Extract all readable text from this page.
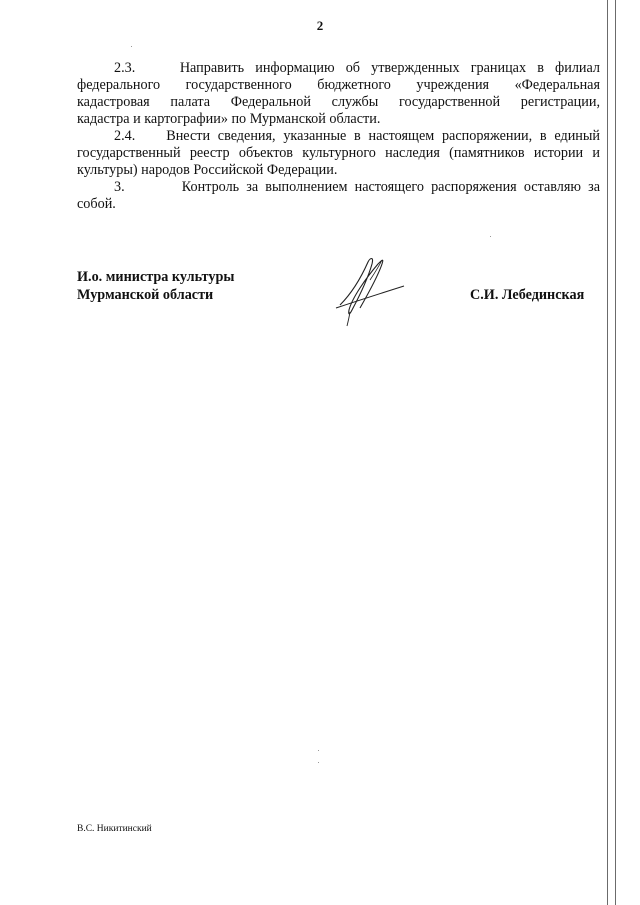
2
2.3.	Направить информацию об утвержденных границах в филиал
федерального государственного бюджетного учреждения «Федеральная
кадастровая палата Федеральной службы государственной регистрации,
кадастра и картографии» по Мурманской области.
2.4. Внести сведения, указанные в настоящем распоряжении, в единый
государственный реестр объектов культурного наследия (памятников истории и
культуры) народов Российской Федерации.
3.	Контроль за выполнением настоящего распоряжения оставляю за
собой.
И.о. министра культуры
Мурманской области	С.И. Лебединская
В.С. Никитинский
